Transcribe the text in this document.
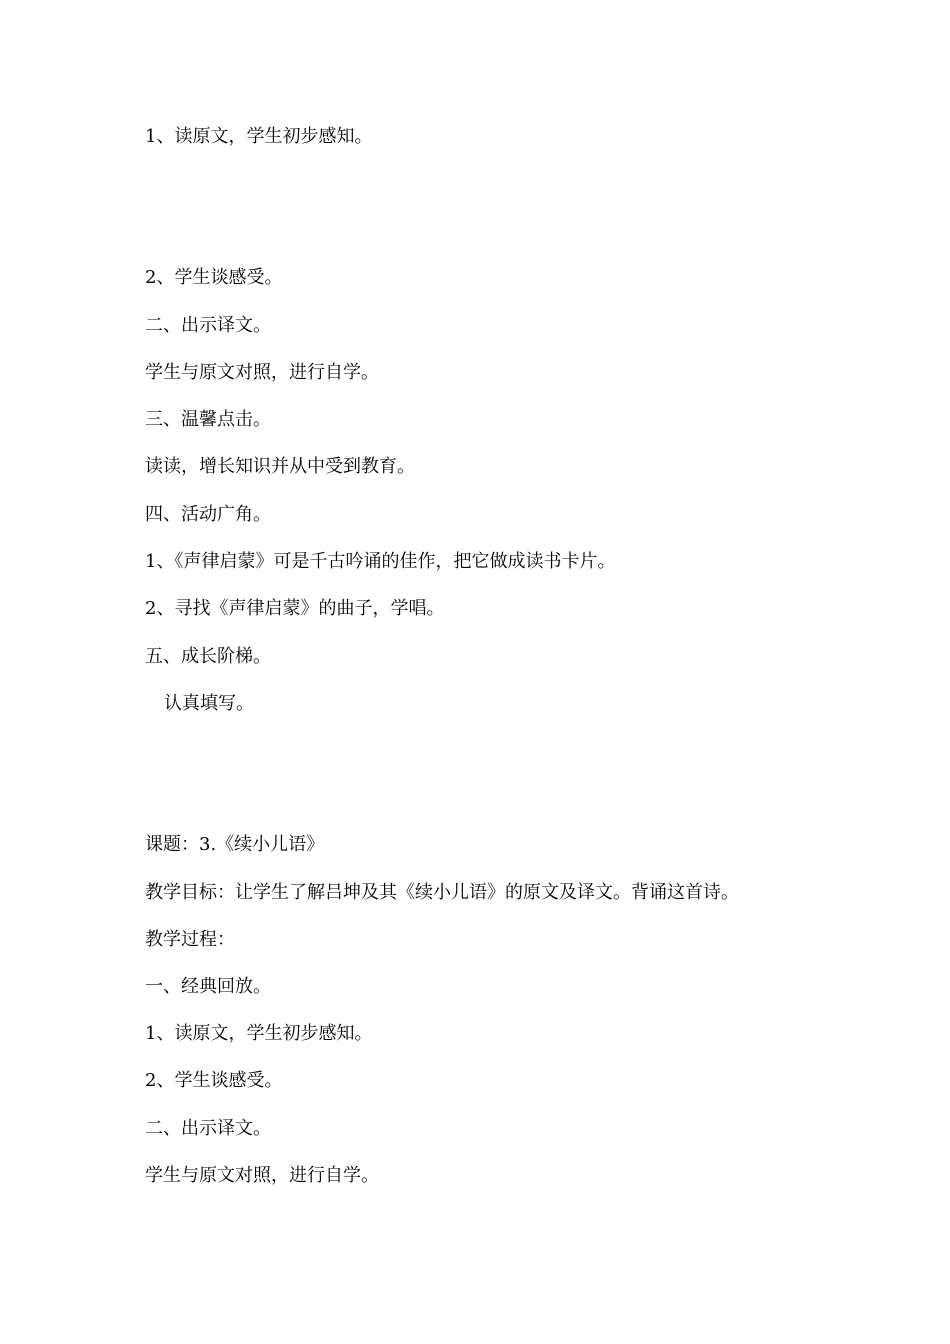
1、读原文，学生初步感知。
2、学生谈感受。
二、出示译文。
学生与原文对照，进行自学。
三、温馨点击。
读读，增长知识并从中受到教育。
四、活动广角。
1、《声律启蒙》可是千古吟诵的佳作，把它做成读书卡片。
2、寻找《声律启蒙》的曲子，学唱。
五、成长阶梯。
认真填写。
课题：3.《续小儿语》
教学目标：让学生了解吕坤及其《续小儿语》的原文及译文。背诵这首诗。
教学过程：
一、经典回放。
1、读原文，学生初步感知。
2、学生谈感受。
二、出示译文。
学生与原文对照，进行自学。
